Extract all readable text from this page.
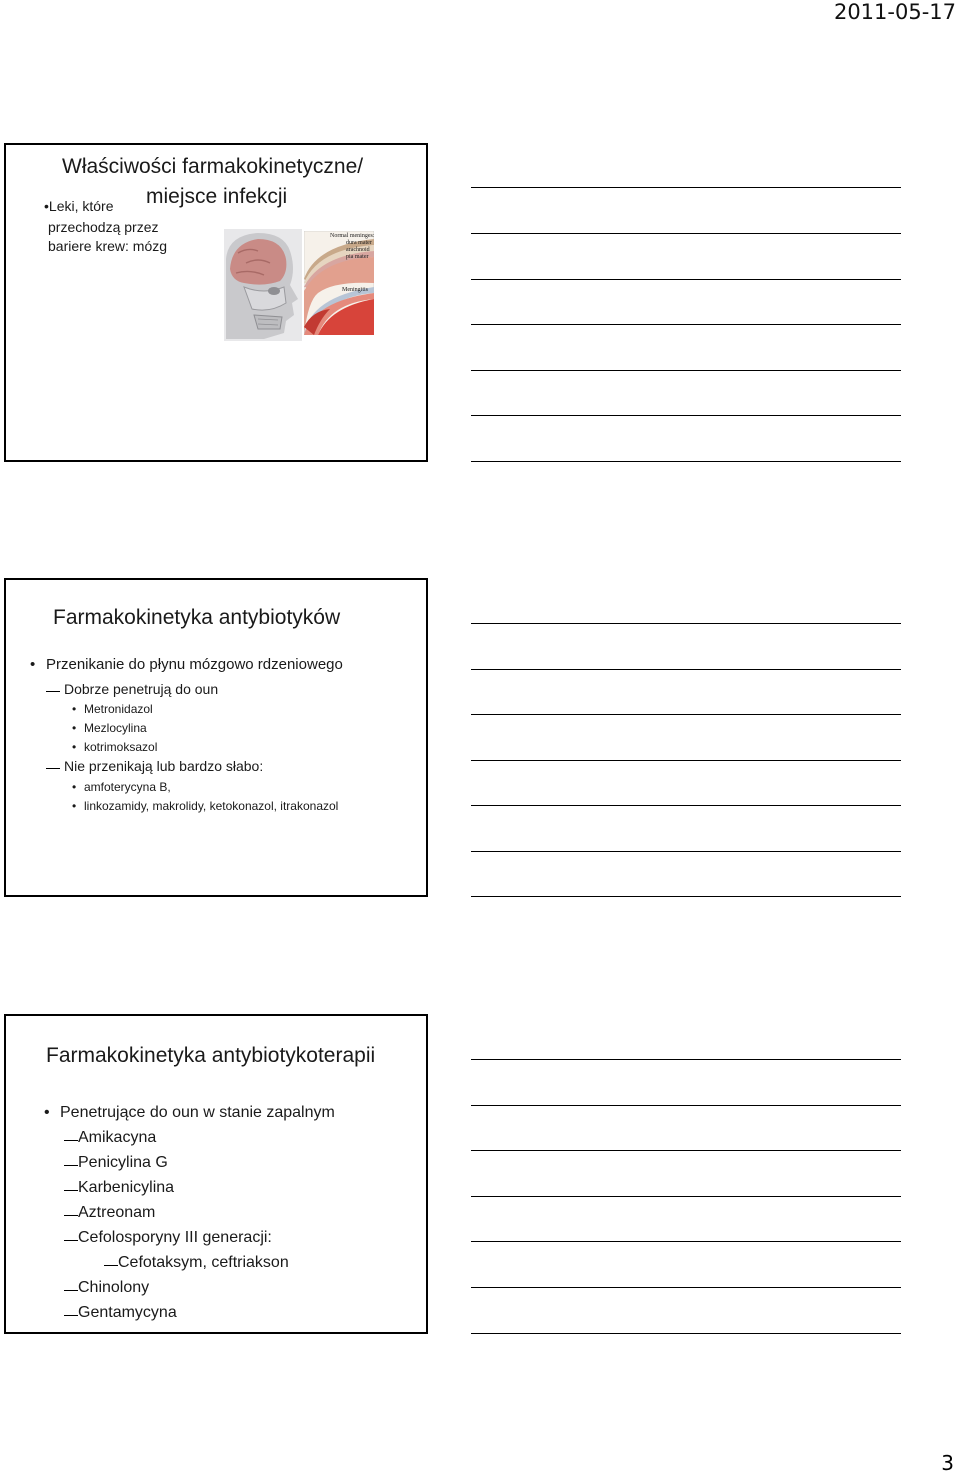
2011-05-17
Właściwości farmakokinetyczne/
miejsce infekcji
•Leki, które
przechodzą przez
bariere krew: mózg
Normal meninges:
dura mater
arachnoid
pia mater
Meningitis
Farmakokinetyka antybiotyków
• Przenikanie do płynu mózgowo rdzeniowego
Dobrze penetrują do oun
• Metronidazol
• Mezlocylina
• kotrimoksazol
Nie przenikają lub bardzo słabo:
• amfoterycyna B,
• linkozamidy, makrolidy, ketokonazol, itrakonazol
Farmakokinetyka antybiotykoterapii
• Penetrujące do oun w stanie zapalnym
Amikacyna
Penicylina G
Karbenicylina
Aztreonam
Cefolosporyny III generacji:
Cefotaksym, ceftriakson
Chinolony
Gentamycyna
3
